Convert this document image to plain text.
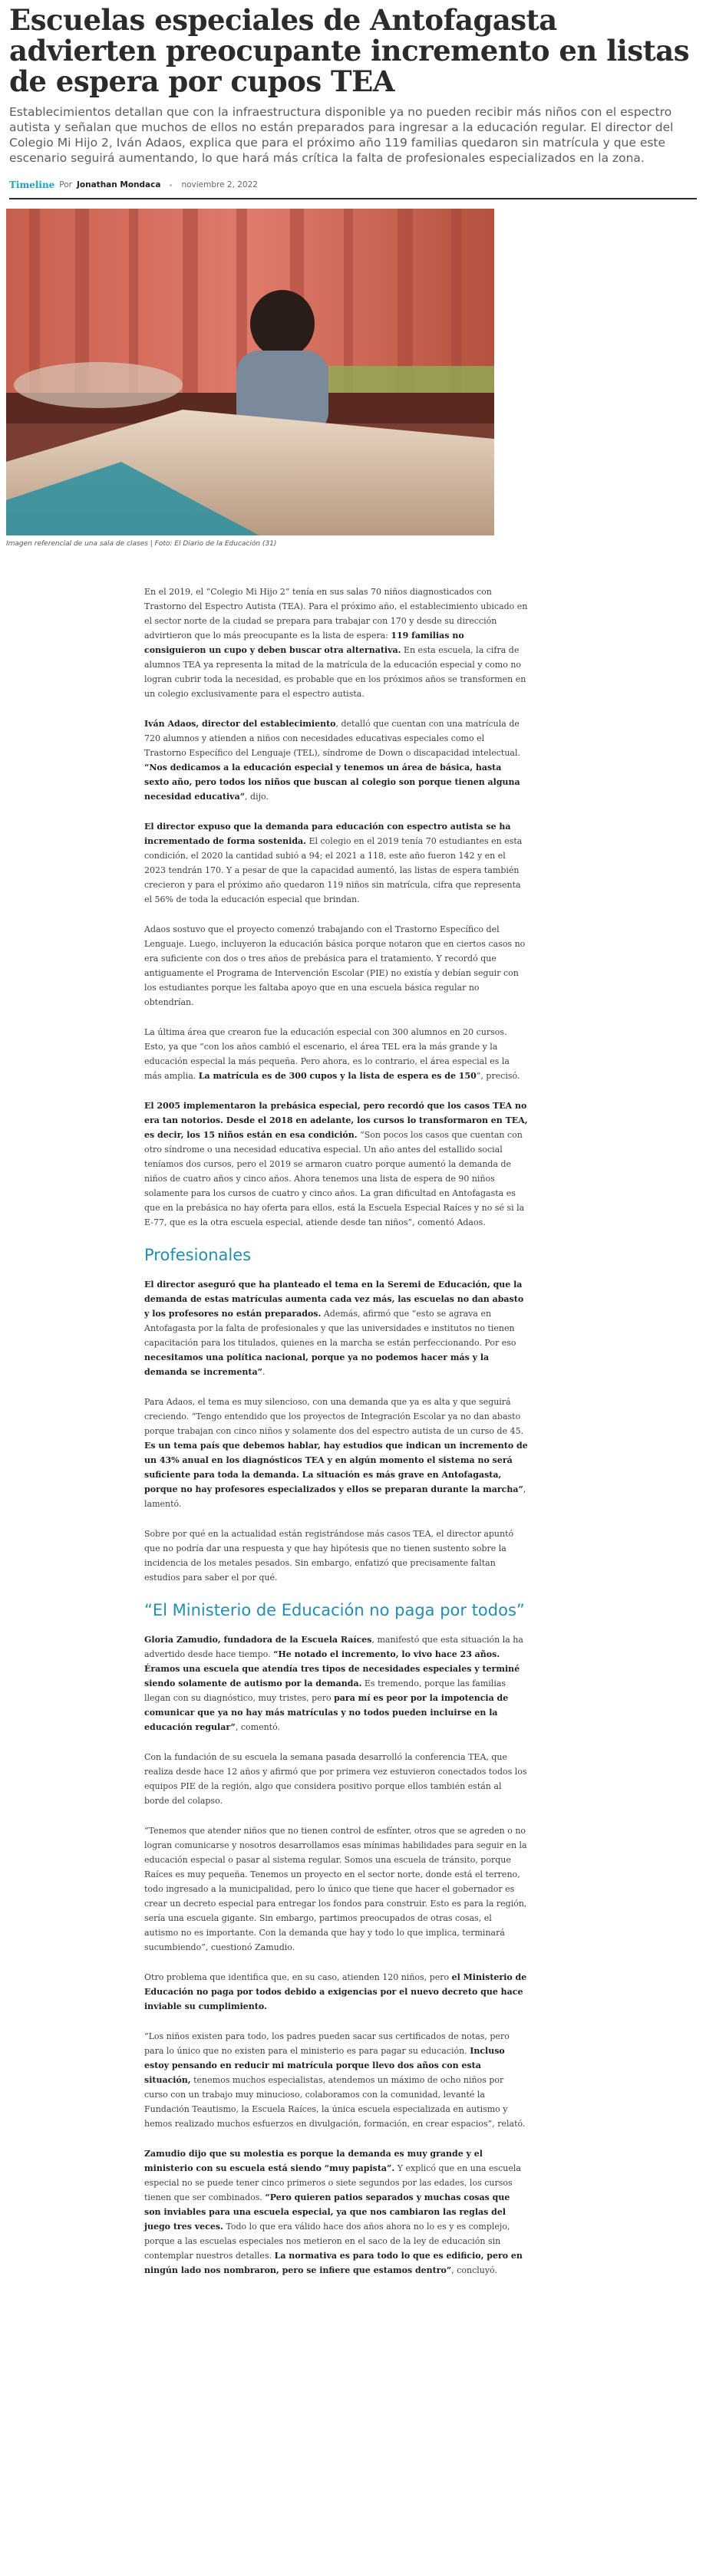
Escuelas especiales de Antofagasta advierten preocupante incremento en listas de espera por cupos TEA

Establecimientos detallan que con la infraestructura disponible ya no pueden recibir más niños con el espectro autista y señalan que muchos de ellos no están preparados para ingresar a la educación regular. El director del Colegio Mi Hijo 2, Iván Adaos, explica que para el próximo año 119 familias quedaron sin matrícula y que este escenario seguirá aumentando, lo que hará más crítica la falta de profesionales especializados en la zona.

Timeline Por Jonathan Mondaca	noviembre 2, 2022
Imagen referencial de una sala de clases | Foto: El Diario de la Educación (31)

En el 2019, el “Colegio Mi Hijo 2” tenía en sus salas 70 niños diagnosticados con Trastorno del Espectro Autista (TEA). Para el próximo año, el establecimiento ubicado en el sector norte de la ciudad se prepara para trabajar con 170 y desde su dirección advirtieron que lo más preocupante es la lista de espera: 119 familias no consiguieron un cupo y deben buscar otra alternativa. En esta escuela, la cifra de alumnos TEA ya representa la mitad de la matrícula de la educación especial y como no logran cubrir toda la necesidad, es probable que en los próximos años se transformen en un colegio exclusivamente para el espectro autista.

Iván Adaos, director del establecimiento, detalló que cuentan con una matrícula de 720 alumnos y atienden a niños con necesidades educativas especiales como el Trastorno Específico del Lenguaje (TEL), síndrome de Down o discapacidad intelectual. “Nos dedicamos a la educación especial y tenemos un área de básica, hasta sexto año, pero todos los niños que buscan al colegio son porque tienen alguna necesidad educativa”, dijo.

El director expuso que la demanda para educación con espectro autista se ha incrementado de forma sostenida. El colegio en el 2019 tenía 70 estudiantes en esta condición, el 2020 la cantidad subió a 94; el 2021 a 118, este año fueron 142 y en el 2023 tendrán 170. Y a pesar de que la capacidad aumentó, las listas de espera también crecieron y para el próximo año quedaron 119 niños sin matrícula, cifra que representa el 56% de toda la educación especial que brindan.

Adaos sostuvo que el proyecto comenzó trabajando con el Trastorno Específico del Lenguaje. Luego, incluyeron la educación básica porque notaron que en ciertos casos no era suficiente con dos o tres años de prebásica para el tratamiento. Y recordó que antiguamente el Programa de Intervención Escolar (PIE) no existía y debían seguir con los estudiantes porque les faltaba apoyo que en una escuela básica regular no obtendrían.

La última área que crearon fue la educación especial con 300 alumnos en 20 cursos. Esto, ya que “con los años cambió el escenario, el área TEL era la más grande y la educación especial la más pequeña. Pero ahora, es lo contrario, el área especial es la más amplia. La matrícula es de 300 cupos y la lista de espera es de 150”, precisó.

El 2005 implementaron la prebásica especial, pero recordó que los casos TEA no era tan notorios. Desde el 2018 en adelante, los cursos lo transformaron en TEA, es decir, los 15 niños están en esa condición. “Son pocos los casos que cuentan con otro síndrome o una necesidad educativa especial. Un año antes del estallido social teníamos dos cursos, pero el 2019 se armaron cuatro porque aumentó la demanda de niños de cuatro años y cinco años. Ahora tenemos una lista de espera de 90 niños solamente para los cursos de cuatro y cinco años. La gran dificultad en Antofagasta es que en la prebásica no hay oferta para ellos, está la Escuela Especial Raíces y no sé si la E-77, que es la otra escuela especial, atiende desde tan niños”, comentó Adaos.

Profesionales

El director aseguró que ha planteado el tema en la Seremi de Educación, que la demanda de estas matrículas aumenta cada vez más, las escuelas no dan abasto y los profesores no están preparados. Además, afirmó que “esto se agrava en Antofagasta por la falta de profesionales y que las universidades e institutos no tienen capacitación para los titulados, quienes en la marcha se están perfeccionando. Por eso necesitamos una política nacional, porque ya no podemos hacer más y la demanda se incrementa”.

Para Adaos, el tema es muy silencioso, con una demanda que ya es alta y que seguirá creciendo. “Tengo entendido que los proyectos de Integración Escolar ya no dan abasto porque trabajan con cinco niños y solamente dos del espectro autista de un curso de 45. Es un tema país que debemos hablar, hay estudios que indican un incremento de un 43% anual en los diagnósticos TEA y en algún momento el sistema no será suficiente para toda la demanda. La situación es más grave en Antofagasta, porque no hay profesores especializados y ellos se preparan durante la marcha”, lamentó.

Sobre por qué en la actualidad están registrándose más casos TEA, el director apuntó que no podría dar una respuesta y que hay hipótesis que no tienen sustento sobre la incidencia de los metales pesados. Sin embargo, enfatizó que precisamente faltan estudios para saber el por qué.

“El Ministerio de Educación no paga por todos”

Gloria Zamudio, fundadora de la Escuela Raíces, manifestó que esta situación la ha advertido desde hace tiempo. “He notado el incremento, lo vivo hace 23 años. Éramos una escuela que atendía tres tipos de necesidades especiales y terminé siendo solamente de autismo por la demanda. Es tremendo, porque las familias llegan con su diagnóstico, muy tristes, pero para mí es peor por la impotencia de comunicar que ya no hay más matrículas y no todos pueden incluirse en la educación regular”, comentó.

Con la fundación de su escuela la semana pasada desarrolló la conferencia TEA, que realiza desde hace 12 años y afirmó que por primera vez estuvieron conectados todos los equipos PIE de la región, algo que considera positivo porque ellos también están al borde del colapso.

“Tenemos que atender niños que no tienen control de esfínter, otros que se agreden o no logran comunicarse y nosotros desarrollamos esas mínimas habilidades para seguir en la educación especial o pasar al sistema regular. Somos una escuela de tránsito, porque Raíces es muy pequeña. Tenemos un proyecto en el sector norte, donde está el terreno, todo ingresado a la municipalidad, pero lo único que tiene que hacer el gobernador es crear un decreto especial para entregar los fondos para construir. Esto es para la región, sería una escuela gigante. Sin embargo, partimos preocupados de otras cosas, el autismo no es importante. Con la demanda que hay y todo lo que implica, terminará sucumbiendo”, cuestionó Zamudio.

Otro problema que identifica que, en su caso, atienden 120 niños, pero el Ministerio de Educación no paga por todos debido a exigencias por el nuevo decreto que hace inviable su cumplimiento.

“Los niños existen para todo, los padres pueden sacar sus certificados de notas, pero para lo único que no existen para el ministerio es para pagar su educación. Incluso estoy pensando en reducir mi matrícula porque llevo dos años con esta situación, tenemos muchos especialistas, atendemos un máximo de ocho niños por curso con un trabajo muy minucioso, colaboramos con la comunidad, levanté la Fundación Teautismo, la Escuela Raíces, la única escuela especializada en autismo y hemos realizado muchos esfuerzos en divulgación, formación, en crear espacios”, relató.

Zamudio dijo que su molestia es porque la demanda es muy grande y el ministerio con su escuela está siendo “muy papista”. Y explicó que en una escuela especial no se puede tener cinco primeros o siete segundos por las edades, los cursos tienen que ser combinados. “Pero quieren patios separados y muchas cosas que son inviables para una escuela especial, ya que nos cambiaron las reglas del juego tres veces. Todo lo que era válido hace dos años ahora no lo es y es complejo, porque a las escuelas especiales nos metieron en el saco de la ley de educación sin contemplar nuestros detalles. La normativa es para todo lo que es edificio, pero en ningún lado nos nombraron, pero se infiere que estamos dentro”, concluyó.
